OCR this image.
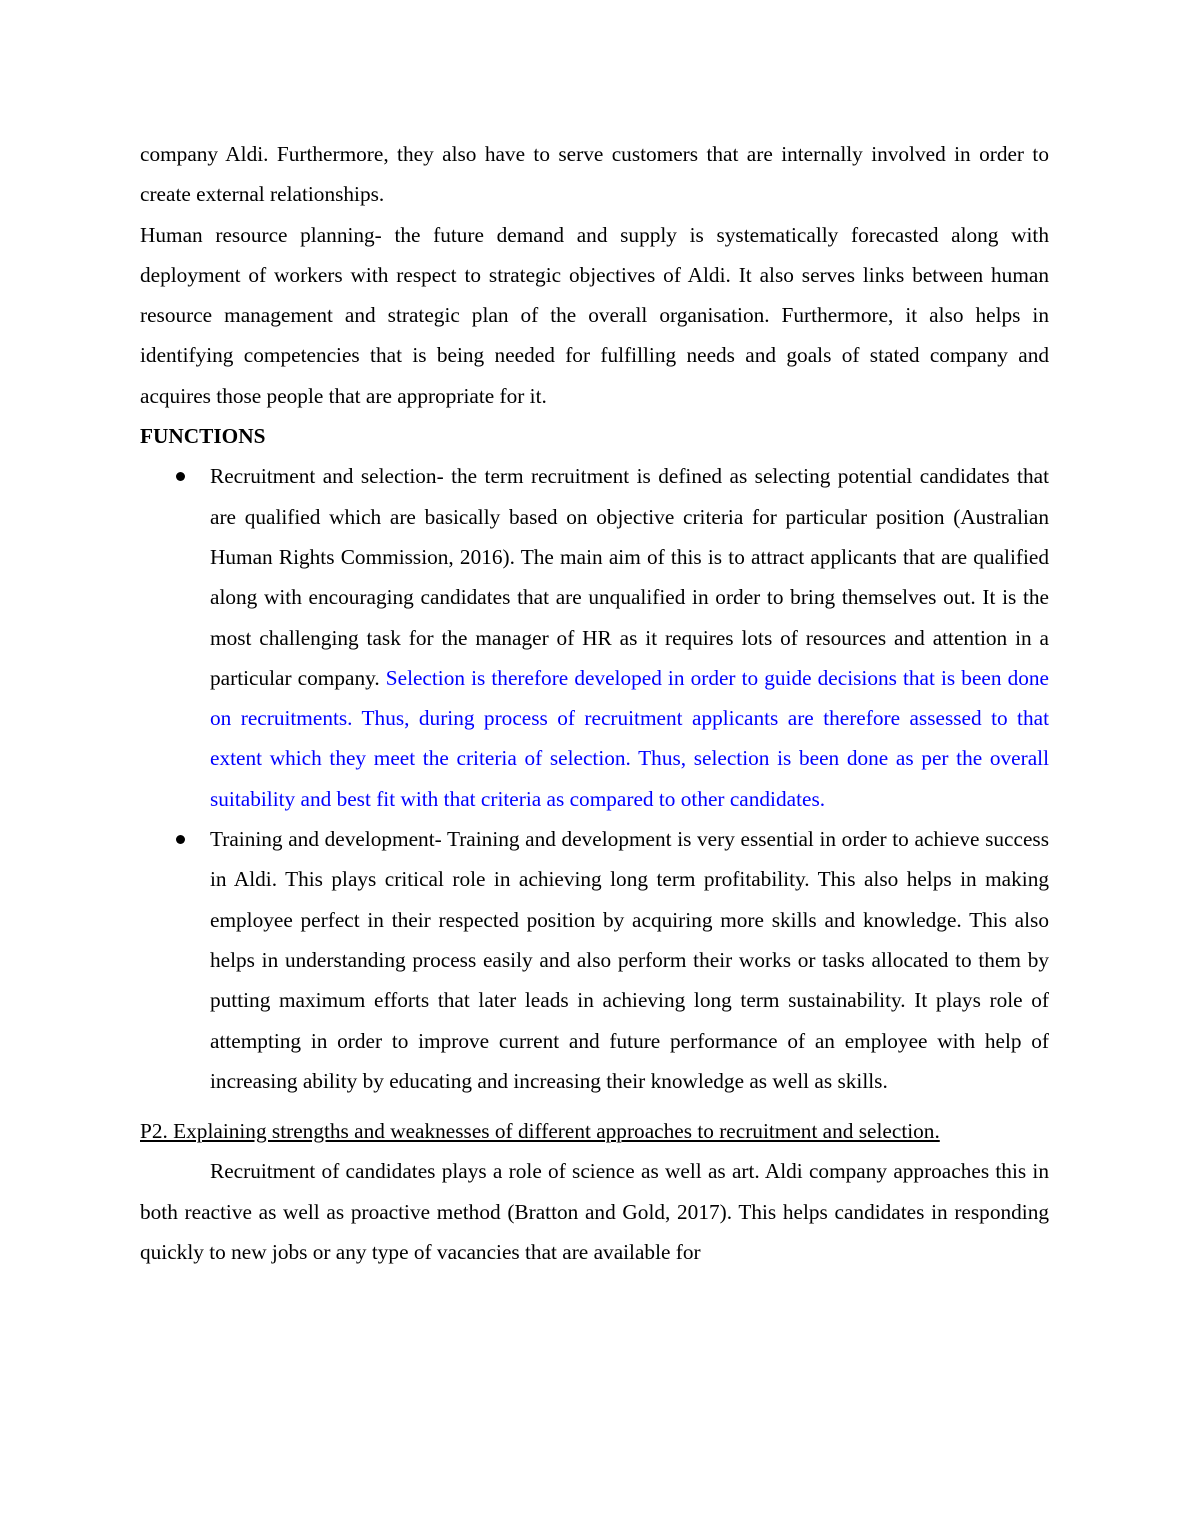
company Aldi. Furthermore, they also have to serve customers that are internally involved in order to create external relationships.

Human resource planning- the future demand and supply is systematically forecasted along with deployment of workers with respect to strategic objectives of Aldi. It also serves links between human resource management and strategic plan of the overall organisation. Furthermore, it also helps in identifying competencies that is being needed for fulfilling needs and goals of stated company and acquires those people that are appropriate for it.

FUNCTIONS

Recruitment and selection- the term recruitment is defined as selecting potential candidates that are qualified which are basically based on objective criteria for particular position (Australian Human Rights Commission, 2016). The main aim of this is to attract applicants that are qualified along with encouraging candidates that are unqualified in order to bring themselves out. It is the most challenging task for the manager of HR as it requires lots of resources and attention in a particular company. Selection is therefore developed in order to guide decisions that is been done on recruitments. Thus, during process of recruitment applicants are therefore assessed to that extent which they meet the criteria of selection. Thus, selection is been done as per the overall suitability and best fit with that criteria as compared to other candidates.
Training and development- Training and development is very essential in order to achieve success in Aldi. This plays critical role in achieving long term profitability. This also helps in making employee perfect in their respected position by acquiring more skills and knowledge. This also helps in understanding process easily and also perform their works or tasks allocated to them by putting maximum efforts that later leads in achieving long term sustainability. It plays role of attempting in order to improve current and future performance of an employee with help of increasing ability by educating and increasing their knowledge as well as skills.

P2. Explaining strengths and weaknesses of different approaches to recruitment and selection.

Recruitment of candidates plays a role of science as well as art. Aldi company approaches this in both reactive as well as proactive method (Bratton and Gold, 2017). This helps candidates in responding quickly to new jobs or any type of vacancies that are available for
